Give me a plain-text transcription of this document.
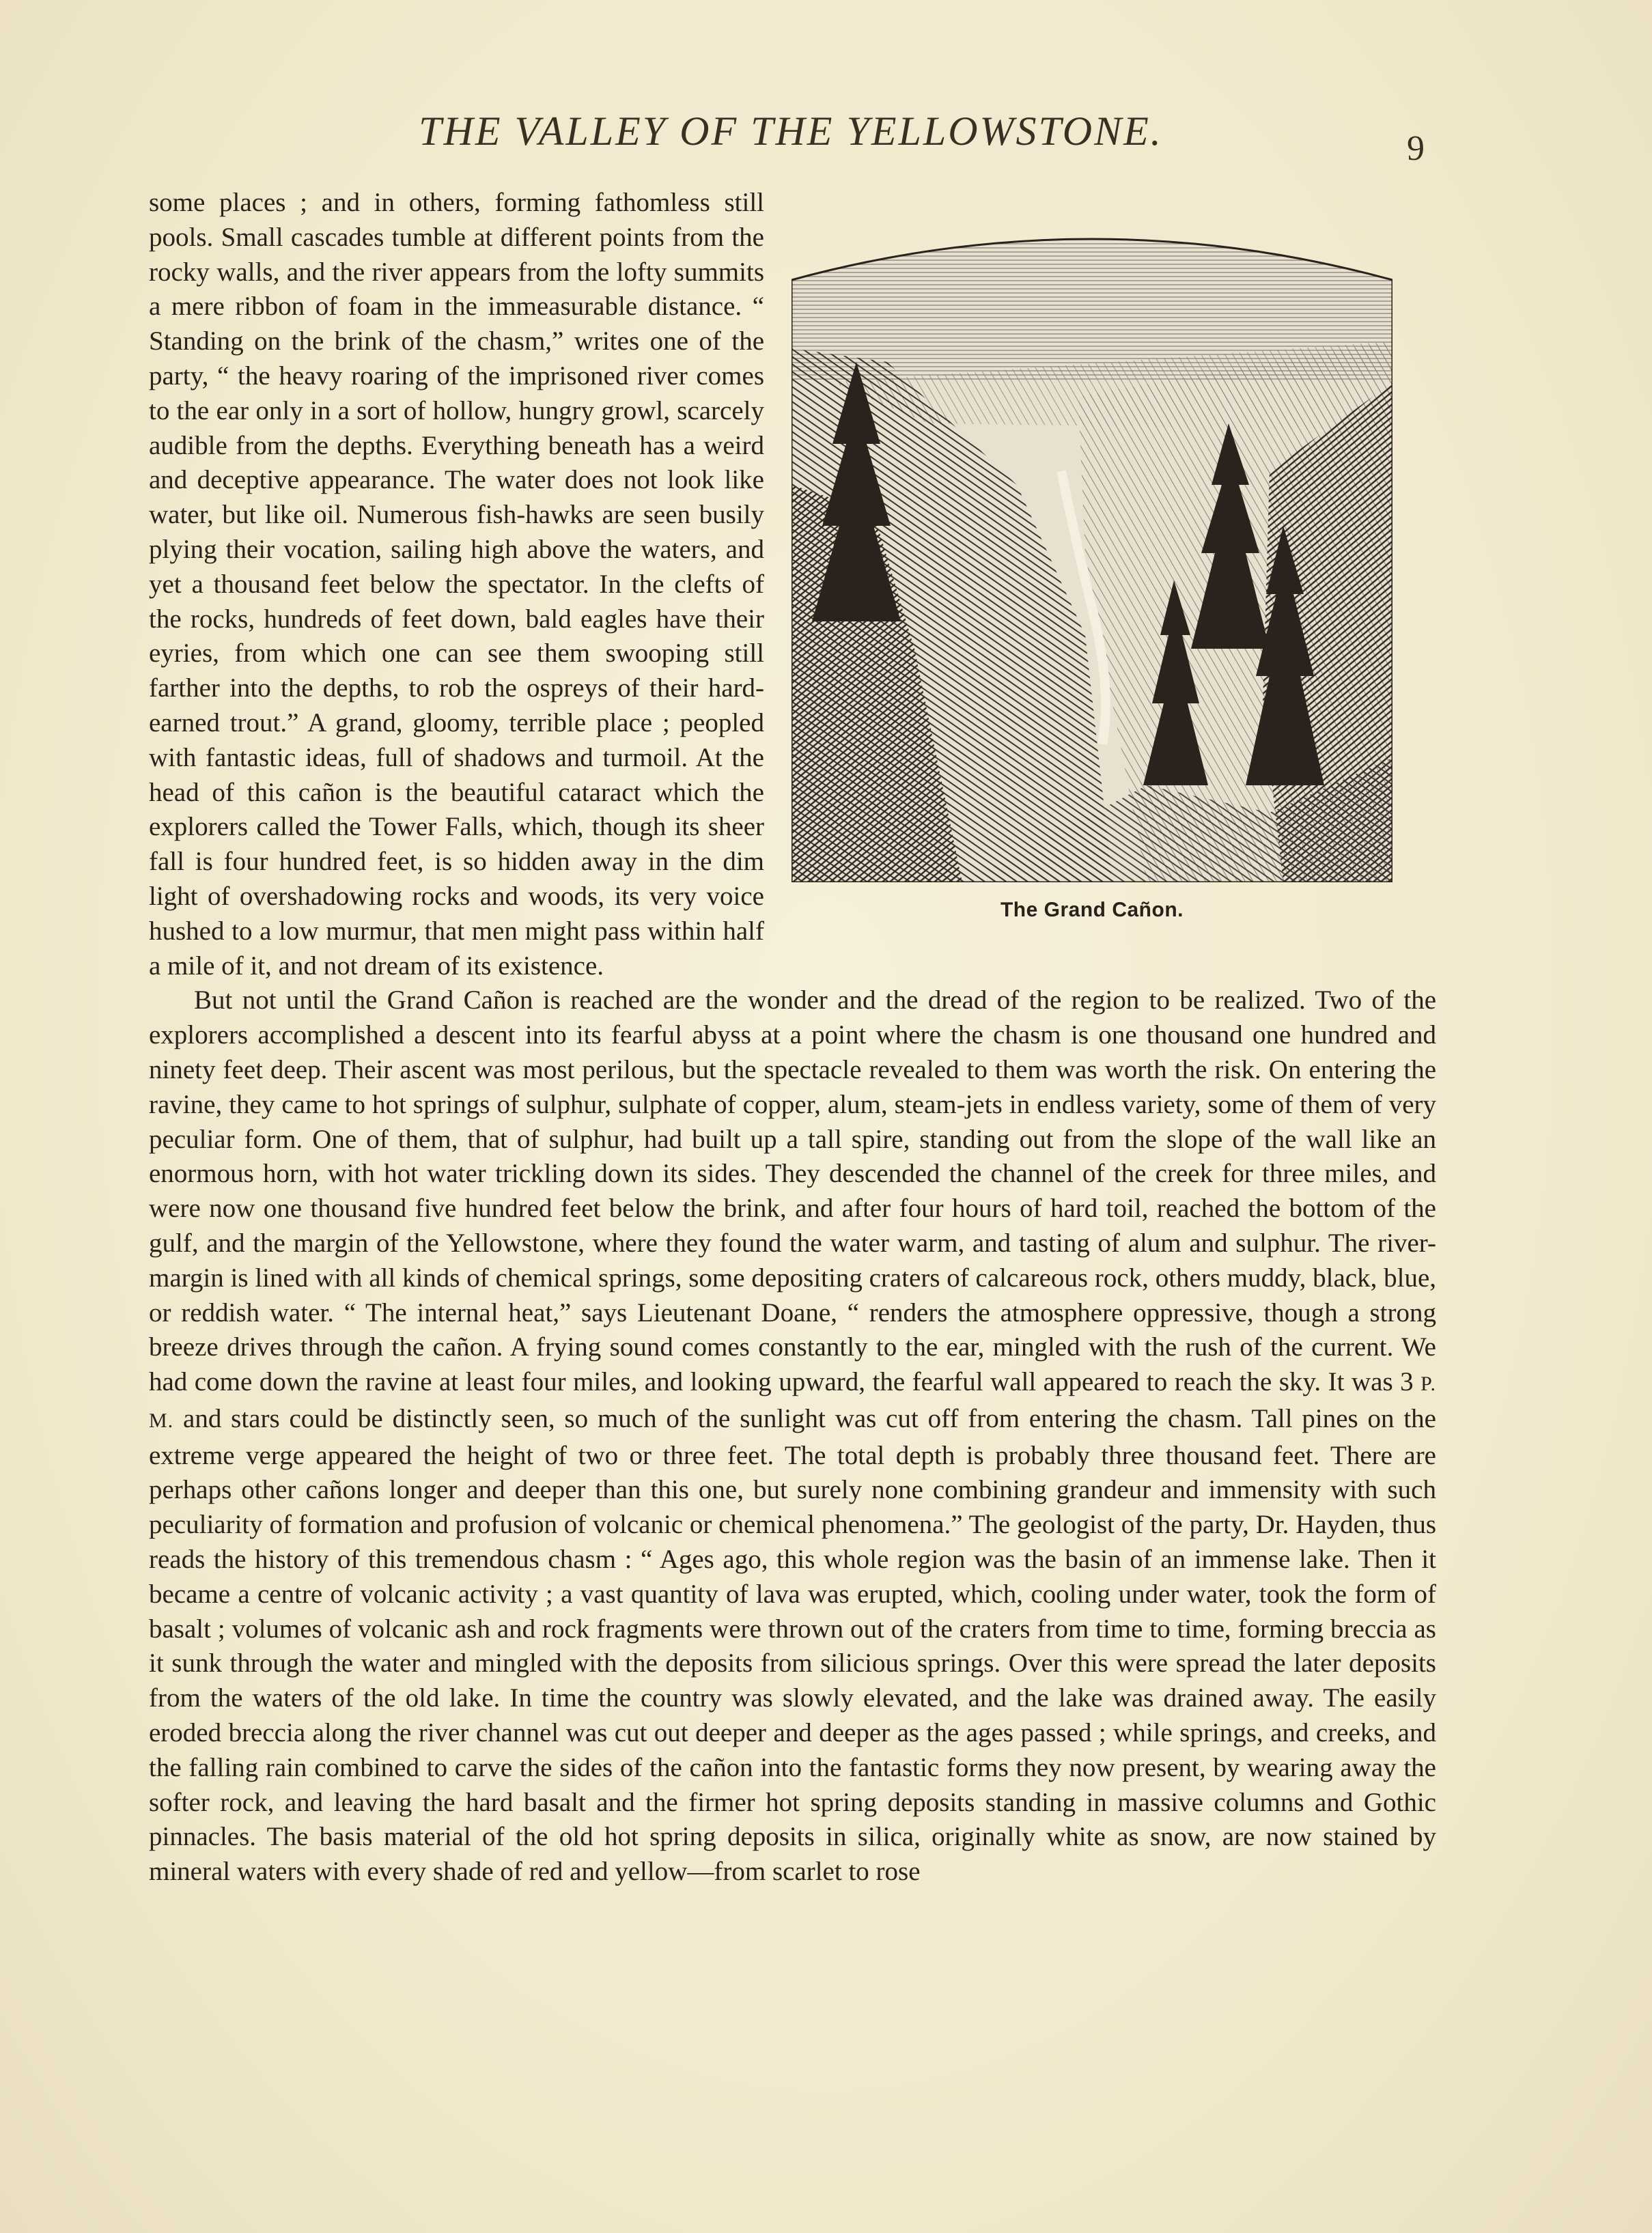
THE VALLEY OF THE YELLOWSTONE.	9
The Grand Cañon.

some places ; and in others, forming fathomless still pools. Small cascades tumble at different points from the rocky walls, and the river appears from the lofty summits a mere ribbon of foam in the immeasurable distance. “ Standing on the brink of the chasm,” writes one of the party, “ the heavy roaring of the imprisoned river comes to the ear only in a sort of hollow, hungry growl, scarcely audible from the depths. Everything beneath has a weird and deceptive appearance. The water does not look like water, but like oil. Numerous fish-hawks are seen busily plying their vocation, sailing high above the waters, and yet a thousand feet below the spectator. In the clefts of the rocks, hundreds of feet down, bald eagles have their eyries, from which one can see them swooping still farther into the depths, to rob the ospreys of their hard-earned trout.” A grand, gloomy, terrible place ; peopled with fantastic ideas, full of shadows and turmoil. At the head of this cañon is the beautiful cataract which the explorers called the Tower Falls, which, though its sheer fall is four hundred feet, is so hidden away in the dim light of overshadowing rocks and woods, its very voice hushed to a low murmur, that men might pass within half a mile of it, and not dream of its existence.

But not until the Grand Cañon is reached are the wonder and the dread of the region to be realized. Two of the explorers accomplished a descent into its fearful abyss at a point where the chasm is one thousand one hundred and ninety feet deep. Their ascent was most perilous, but the spectacle revealed to them was worth the risk. On entering the ravine, they came to hot springs of sulphur, sulphate of copper, alum, steam-jets in endless variety, some of them of very peculiar form. One of them, that of sulphur, had built up a tall spire, standing out from the slope of the wall like an enormous horn, with hot water trickling down its sides. They descended the channel of the creek for three miles, and were now one thousand five hundred feet below the brink, and after four hours of hard toil, reached the bottom of the gulf, and the margin of the Yellowstone, where they found the water warm, and tasting of alum and sulphur. The river-margin is lined with all kinds of chemical springs, some depositing craters of calcareous rock, others muddy, black, blue, or reddish water. “ The internal heat,” says Lieutenant Doane, “ renders the atmosphere oppressive, though a strong breeze drives through the cañon. A frying sound comes constantly to the ear, mingled with the rush of the current. We had come down the ravine at least four miles, and looking upward, the fearful wall appeared to reach the sky. It was 3 P. M. and stars could be distinctly seen, so much of the sunlight was cut off from entering the chasm. Tall pines on the extreme verge appeared the height of two or three feet. The total depth is probably three thousand feet. There are perhaps other cañons longer and deeper than this one, but surely none combining grandeur and immensity with such peculiarity of formation and profusion of volcanic or chemical phenomena.” The geologist of the party, Dr. Hayden, thus reads the history of this tremendous chasm : “ Ages ago, this whole region was the basin of an immense lake. Then it became a centre of volcanic activity ; a vast quantity of lava was erupted, which, cooling under water, took the form of basalt ; volumes of volcanic ash and rock fragments were thrown out of the craters from time to time, forming breccia as it sunk through the water and mingled with the deposits from silicious springs. Over this were spread the later deposits from the waters of the old lake. In time the country was slowly elevated, and the lake was drained away. The easily eroded breccia along the river channel was cut out deeper and deeper as the ages passed ; while springs, and creeks, and the falling rain combined to carve the sides of the cañon into the fantastic forms they now present, by wearing away the softer rock, and leaving the hard basalt and the firmer hot spring deposits standing in massive columns and Gothic pinnacles. The basis material of the old hot spring deposits in silica, originally white as snow, are now stained by mineral waters with every shade of red and yellow—from scarlet to rose
